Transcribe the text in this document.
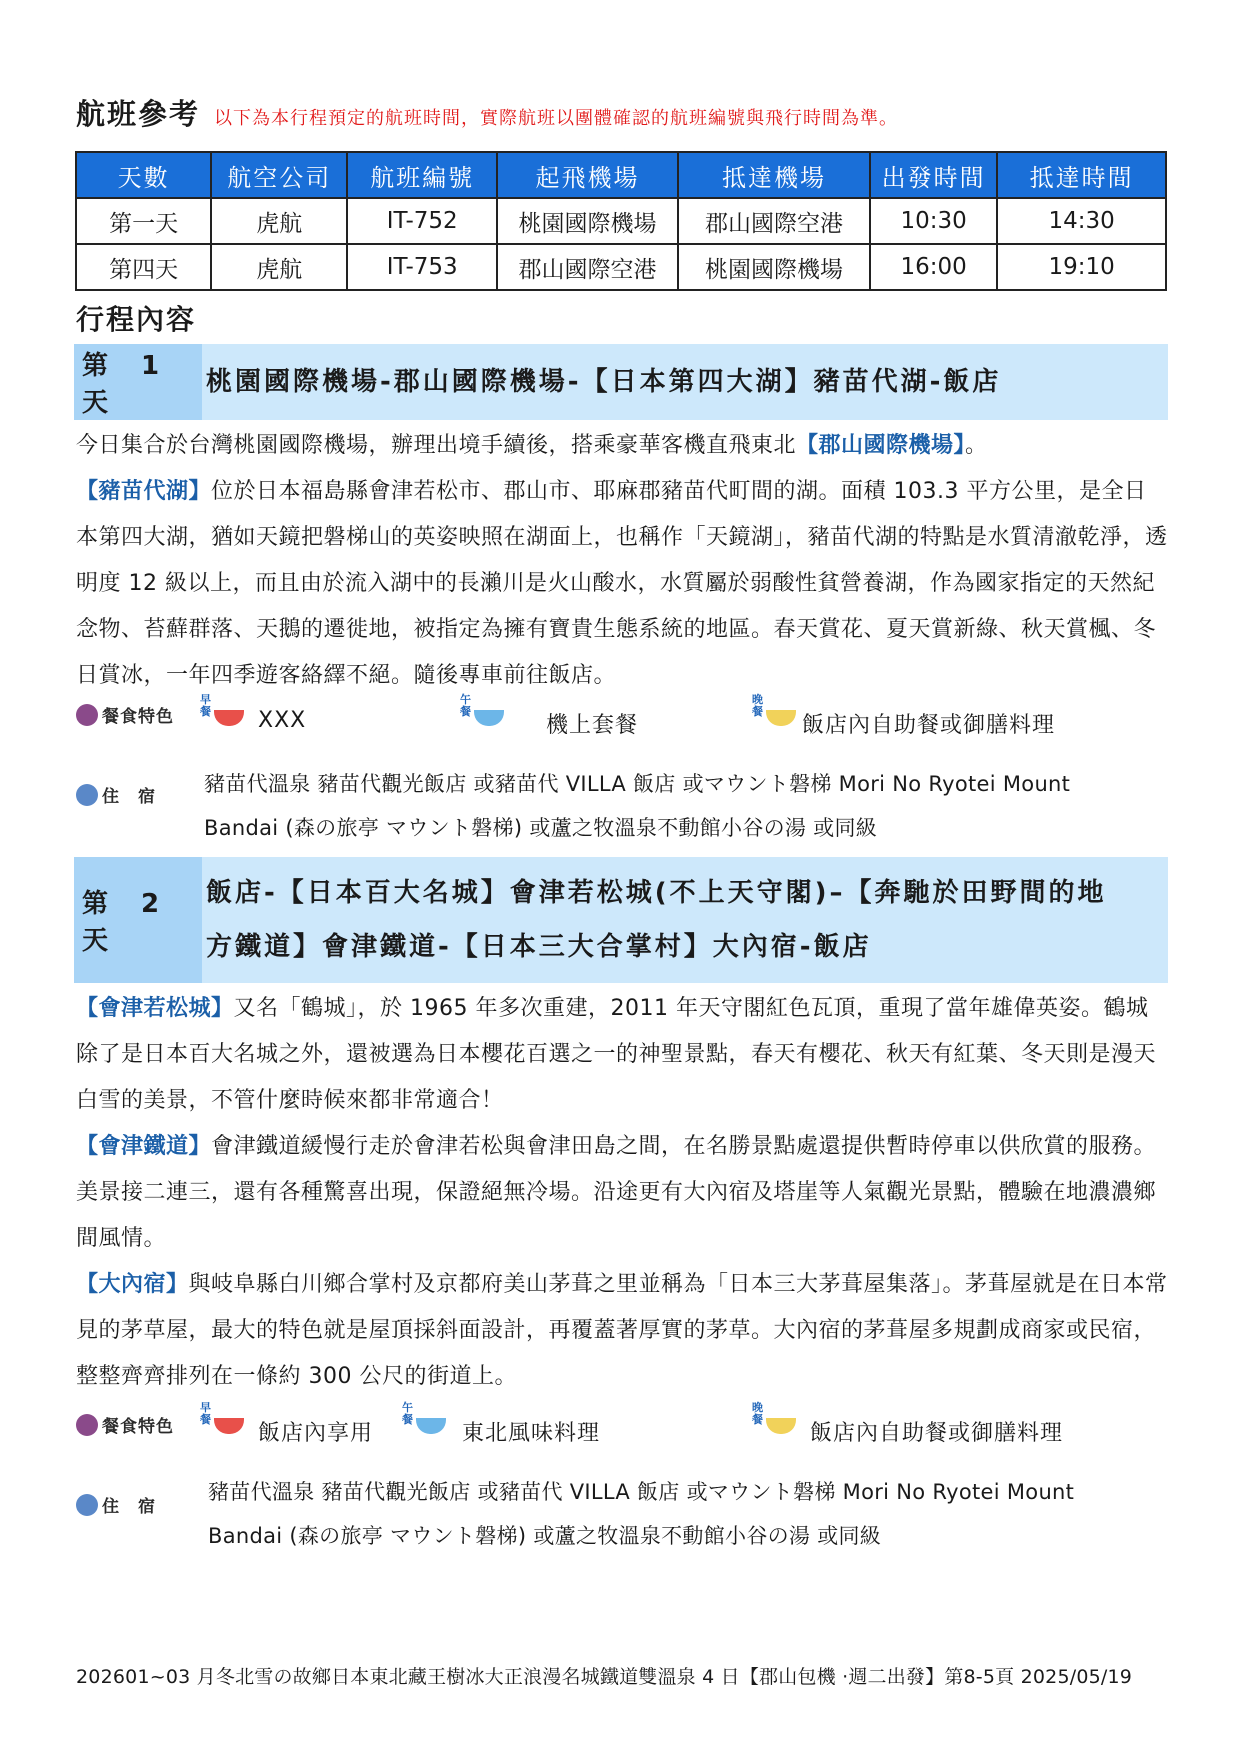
航班參考 以下為本行程預定的航班時間，實際航班以團體確認的航班編號與飛行時間為準。
天數	航空公司	航班編號	起飛機場	抵達機場	出發時間	抵達時間
第一天	虎航	IT-752	桃園國際機場	郡山國際空港	10:30	14:30
第四天	虎航	IT-753	郡山國際空港	桃園國際機場	16:00	19:10
行程內容
第 1 天
桃園國際機場-郡山國際機場-【日本第四大湖】豬苗代湖-飯店
今日集合於台灣桃園國際機場，辦理出境手續後，搭乘豪華客機直飛東北【郡山國際機場】。
【豬苗代湖】位於日本福島縣會津若松市、郡山市、耶麻郡豬苗代町間的湖。面積 103.3 平方公里，是全日本第四大湖，猶如天鏡把磐梯山的英姿映照在湖面上，也稱作「天鏡湖」，豬苗代湖的特點是水質清澈乾淨，透明度 12 級以上，而且由於流入湖中的長瀨川是火山酸水，水質屬於弱酸性貧營養湖，作為國家指定的天然紀念物、苔蘚群落、天鵝的遷徙地，被指定為擁有寶貴生態系統的地區。春天賞花、夏天賞新綠、秋天賞楓、冬日賞冰，一年四季遊客絡繹不絕。隨後專車前往飯店。
餐食特色
早餐 XXX
午餐
機上套餐
晚餐
飯店內自助餐或御膳料理
住　宿
豬苗代溫泉 豬苗代觀光飯店 或豬苗代 VILLA 飯店 或マウント磐梯 Mori No Ryotei Mount
Bandai (森の旅亭 マウント磐梯) 或蘆之牧溫泉不動館小谷の湯 或同級
第 2 天
飯店-【日本百大名城】會津若松城(不上天守閣)–【奔馳於田野間的地
方鐵道】會津鐵道-【日本三大合掌村】大內宿-飯店
【會津若松城】又名「鶴城」，於 1965 年多次重建，2011 年天守閣紅色瓦頂，重現了當年雄偉英姿。鶴城除了是日本百大名城之外，還被選為日本櫻花百選之一的神聖景點，春天有櫻花、秋天有紅葉、冬天則是漫天白雪的美景，不管什麼時候來都非常適合！
【會津鐵道】會津鐵道緩慢行走於會津若松與會津田島之間，在名勝景點處還提供暫時停車以供欣賞的服務。美景接二連三，還有各種驚喜出現，保證絕無冷場。沿途更有大內宿及塔崖等人氣觀光景點，體驗在地濃濃鄉間風情。
【大內宿】與岐阜縣白川鄉合掌村及京都府美山茅葺之里並稱為「日本三大茅葺屋集落」。茅葺屋就是在日本常見的茅草屋，最大的特色就是屋頂採斜面設計，再覆蓋著厚實的茅草。大內宿的茅葺屋多規劃成商家或民宿，整整齊齊排列在一條約 300 公尺的街道上。
餐食特色
早餐
飯店內享用
午餐
東北風味料理
晚餐
飯店內自助餐或御膳料理
住　宿
豬苗代溫泉 豬苗代觀光飯店 或豬苗代 VILLA 飯店 或マウント磐梯 Mori No Ryotei Mount
Bandai (森の旅亭 マウント磐梯) 或蘆之牧溫泉不動館小谷の湯 或同級
202601~03 月冬北雪の故鄉日本東北藏王樹冰大正浪漫名城鐵道雙溫泉 4 日【郡山包機 ‧週二出發】第8-5頁 2025/05/19
